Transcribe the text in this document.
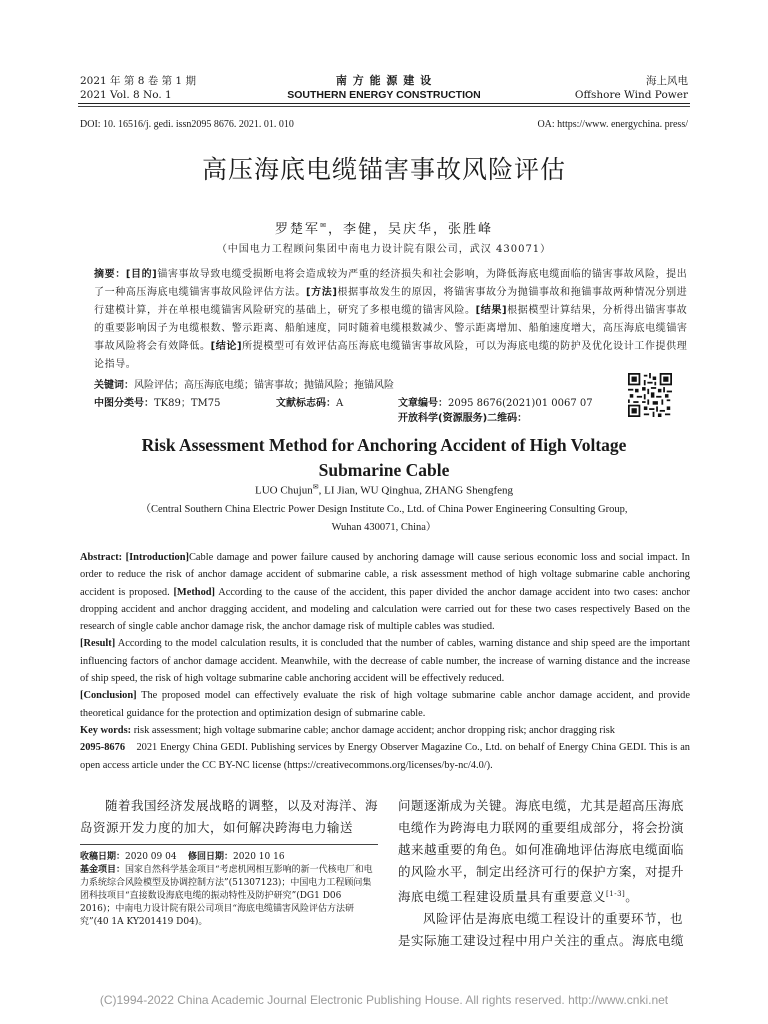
2021 年 第 8 卷 第 1 期
2021 Vol. 8 No. 1
南 方 能 源 建 设
SOUTHERN ENERGY CONSTRUCTION
海上风电
Offshore Wind Power
DOI: 10. 16516/j. gedi. issn2095 8676. 2021. 01. 010	OA: https://www. energychina. press/
高压海底电缆锚害事故风险评估
罗楚军✉，李健，吴庆华，张胜峰
（中国电力工程顾问集团中南电力设计院有限公司，武汉 430071）
摘要：[目的]锚害事故导致电缆受损断电将会造成较为严重的经济损失和社会影响，为降低海底电缆面临的锚害事故风险，提出了一种高压海底电缆锚害事故风险评估方法。[方法]根据事故发生的原因，将锚害事故分为抛锚事故和拖锚事故两种情况分别进行建模计算，并在单根电缆锚害风险研究的基础上，研究了多根电缆的锚害风险。[结果]根据模型计算结果，分析得出锚害事故的重要影响因子为电缆根数、警示距离、船舶速度，同时随着电缆根数减少、警示距离增加、船舶速度增大，高压海底电缆锚害事故风险将会有效降低。[结论]所提模型可有效评估高压海底电缆锚害事故风险，可以为海底电缆的防护及优化设计工作提供理论指导。
关键词：风险评估；高压海底电缆；锚害事故；抛锚风险；拖锚风险
中图分类号：TK89；TM75	文献标志码：A	文章编号：2095 8676(2021)01 0067 07
开放科学(资源服务)二维码：
Risk Assessment Method for Anchoring Accident of High Voltage
Submarine Cable
LUO Chujun✉, LI Jian, WU Qinghua, ZHANG Shengfeng
（Central Southern China Electric Power Design Institute Co., Ltd. of China Power Engineering Consulting Group,
Wuhan 430071, China）
Abstract: [Introduction]Cable damage and power failure caused by anchoring damage will cause serious economic loss and social impact. In order to reduce the risk of anchor damage accident of submarine cable, a risk assessment method of high voltage submarine cable anchoring accident is proposed. [Method] According to the cause of the accident, this paper divided the anchor damage accident into two cases: anchor dropping accident and anchor dragging accident, and modeling and calculation were carried out for these two cases respectively Based on the research of single cable anchor damage risk, the anchor damage risk of multiple cables was studied.
[Result] According to the model calculation results, it is concluded that the number of cables, warning distance and ship speed are the important influencing factors of anchor damage accident. Meanwhile, with the decrease of cable number, the increase of warning distance and the increase of ship speed, the risk of high voltage submarine cable anchoring accident will be effectively reduced.
[Conclusion] The proposed model can effectively evaluate the risk of high voltage submarine cable anchor damage accident, and provide theoretical guidance for the protection and optimization design of submarine cable.
Key words: risk assessment; high voltage submarine cable; anchor damage accident; anchor dropping risk; anchor dragging risk
2095-8676 2021 Energy China GEDI. Publishing services by Energy Observer Magazine Co., Ltd. on behalf of Energy China GEDI. This is an open access article under the CC BY-NC license (https://creativecommons.org/licenses/by-nc/4.0/).
随着我国经济发展战略的调整，以及对海洋、海岛资源开发力度的加大，如何解决跨海电力输送
收稿日期：2020 09 04 修回日期：2020 10 16
基金项目：国家自然科学基金项目“考虑机网相互影响的新一代核电厂和电力系统综合风险模型及协调控制方法”(51307123)；中国电力工程顾问集团科技项目“直接数设海底电缆的振动特性及防护研究”(DG1 D06 2016)；中南电力设计院有限公司项目“海底电缆锚害风险评估方法研究”(40 1A KY201419 D04)。
问题逐渐成为关键。海底电缆，尤其是超高压海底电缆作为跨海电力联网的重要组成部分，将会扮演越来越重要的角色。如何准确地评估海底电缆面临的风险水平，制定出经济可行的保护方案，对提升海底电缆工程建设质量具有重要意义[1-3]。
风险评估是海底电缆工程设计的重要环节，也是实际施工建设过程中用户关注的重点。海底电缆
(C)1994-2022 China Academic Journal Electronic Publishing House. All rights reserved. http://www.cnki.net
